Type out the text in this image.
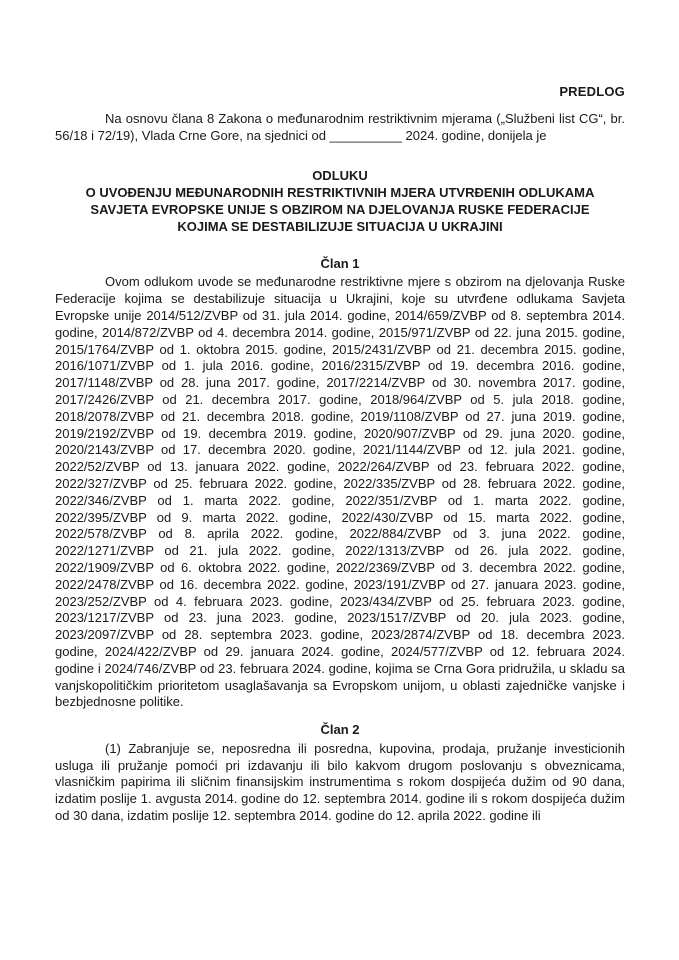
PREDLOG

Na osnovu člana 8 Zakona o međunarodnim restriktivnim mjerama („Službeni list CG“, br. 56/18 i 72/19), Vlada Crne Gore, na sjednici od __________ 2024. godine, donijela je

ODLUKU
O UVOĐENJU MEĐUNARODNIH RESTRIKTIVNIH MJERA UTVRĐENIH ODLUKAMA
SAVJETA EVROPSKE UNIJE S OBZIROM NA DJELOVANJA RUSKE FEDERACIJE
KOJIMA SE DESTABILIZUJE SITUACIJA U UKRAJINI
Član 1

Ovom odlukom uvode se međunarodne restriktivne mjere s obzirom na djelovanja Ruske Federacije kojima se destabilizuje situacija u Ukrajini, koje su utvrđene odlukama Savjeta Evropske unije 2014/512/ZVBP od 31. jula 2014. godine, 2014/659/ZVBP od 8. septembra 2014. godine, 2014/872/ZVBP od 4. decembra 2014. godine, 2015/971/ZVBP od 22. juna 2015. godine, 2015/1764/ZVBP od 1. oktobra 2015. godine, 2015/2431/ZVBP od 21. decembra 2015. godine, 2016/1071/ZVBP od 1. jula 2016. godine, 2016/2315/ZVBP od 19. decembra 2016. godine, 2017/1148/ZVBP od 28. juna 2017. godine, 2017/2214/ZVBP od 30. novembra 2017. godine, 2017/2426/ZVBP od 21. decembra 2017. godine, 2018/964/ZVBP od 5. jula 2018. godine, 2018/2078/ZVBP od 21. decembra 2018. godine, 2019/1108/ZVBP od 27. juna 2019. godine, 2019/2192/ZVBP od 19. decembra 2019. godine, 2020/907/ZVBP od 29. juna 2020. godine, 2020/2143/ZVBP od 17. decembra 2020. godine, 2021/1144/ZVBP od 12. jula 2021. godine, 2022/52/ZVBP od 13. januara 2022. godine, 2022/264/ZVBP od 23. februara 2022. godine, 2022/327/ZVBP od 25. februara 2022. godine, 2022/335/ZVBP od 28. februara 2022. godine, 2022/346/ZVBP od 1. marta 2022. godine, 2022/351/ZVBP od 1. marta 2022. godine, 2022/395/ZVBP od 9. marta 2022. godine, 2022/430/ZVBP od 15. marta 2022. godine, 2022/578/ZVBP od 8. aprila 2022. godine, 2022/884/ZVBP od 3. juna 2022. godine, 2022/1271/ZVBP od 21. jula 2022. godine, 2022/1313/ZVBP od 26. jula 2022. godine, 2022/1909/ZVBP od 6. oktobra 2022. godine, 2022/2369/ZVBP od 3. decembra 2022. godine, 2022/2478/ZVBP od 16. decembra 2022. godine, 2023/191/ZVBP od 27. januara 2023. godine, 2023/252/ZVBP od 4. februara 2023. godine, 2023/434/ZVBP od 25. februara 2023. godine, 2023/1217/ZVBP od 23. juna 2023. godine, 2023/1517/ZVBP od 20. jula 2023. godine, 2023/2097/ZVBP od 28. septembra 2023. godine, 2023/2874/ZVBP od 18. decembra 2023. godine, 2024/422/ZVBP od 29. januara 2024. godine, 2024/577/ZVBP od 12. februara 2024. godine i 2024/746/ZVBP od 23. februara 2024. godine, kojima se Crna Gora pridružila, u skladu sa vanjskopolitičkim prioritetom usaglašavanja sa Evropskom unijom, u oblasti zajedničke vanjske i bezbjednosne politike.

Član 2

(1) Zabranjuje se, neposredna ili posredna, kupovina, prodaja, pružanje investicionih usluga ili pružanje pomoći pri izdavanju ili bilo kakvom drugom poslovanju s obveznicama, vlasničkim papirima ili sličnim finansijskim instrumentima s rokom dospijeća dužim od 90 dana, izdatim poslije 1. avgusta 2014. godine do 12. septembra 2014. godine ili s rokom dospijeća dužim od 30 dana, izdatim poslije 12. septembra 2014. godine do 12. aprila 2022. godine ili
